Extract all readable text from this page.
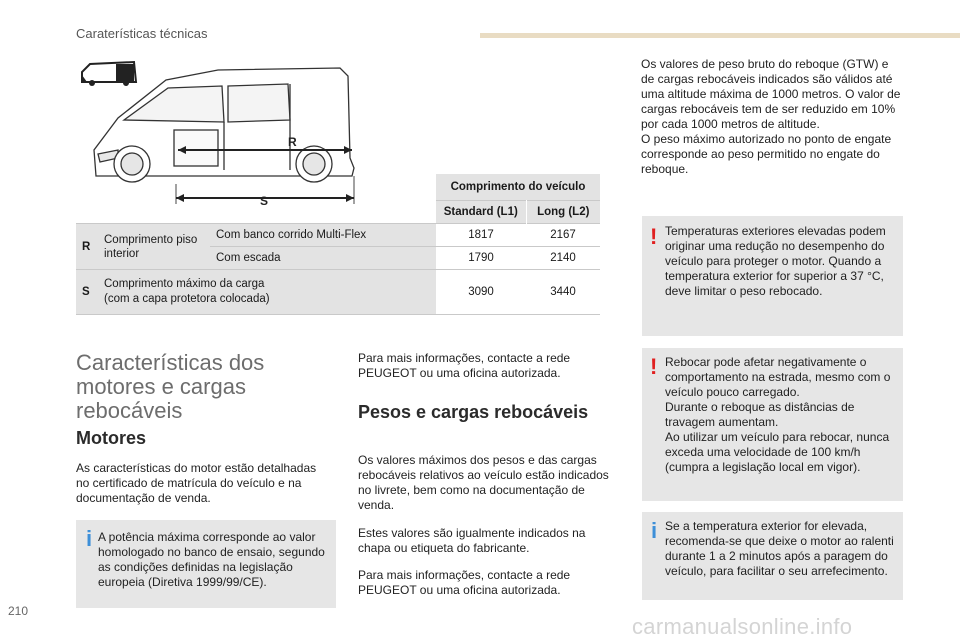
Caraterísticas técnicas
R
S
			Comprimento do veículo	
			Standard (L1)	Long (L2)
R	Comprimento piso interior	Com banco corrido Multi-Flex	1817	2167
		Com escada	1790	2140
S	Comprimento máximo da carga
(com a capa protetora colocada)		3090	3440
Características dos motores e cargas rebocáveis
Motores
As características do motor estão detalhadas no certificado de matrícula do veículo e na documentação de venda.
i A potência máxima corresponde ao valor homologado no banco de ensaio, segundo as condições definidas na legislação europeia (Diretiva 1999/99/CE).
Para mais informações, contacte a rede PEUGEOT ou uma oficina autorizada.
Pesos e cargas rebocáveis
Os valores máximos dos pesos e das cargas rebocáveis relativos ao veículo estão indicados no livrete, bem como na documentação de venda.
Estes valores são igualmente indicados na chapa ou etiqueta do fabricante.
Para mais informações, contacte a rede PEUGEOT ou uma oficina autorizada.
Os valores de peso bruto do reboque (GTW) e de cargas rebocáveis indicados são válidos até uma altitude máxima de 1000 metros. O valor de cargas rebocáveis tem de ser reduzido em 10% por cada 1000 metros de altitude.
O peso máximo autorizado no ponto de engate corresponde ao peso permitido no engate do reboque.
! Temperaturas exteriores elevadas podem originar uma redução no desempenho do veículo para proteger o motor. Quando a temperatura exterior for superior a 37 °C, deve limitar o peso rebocado.
! Rebocar pode afetar negativamente o comportamento na estrada, mesmo com o veículo pouco carregado.
Durante o reboque as distâncias de travagem aumentam.
Ao utilizar um veículo para rebocar, nunca exceda uma velocidade de 100 km/h (cumpra a legislação local em vigor).
i Se a temperatura exterior for elevada, recomenda-se que deixe o motor ao ralenti durante 1 a 2 minutos após a paragem do veículo, para facilitar o seu arrefecimento.
210
carmanualsonline.info
